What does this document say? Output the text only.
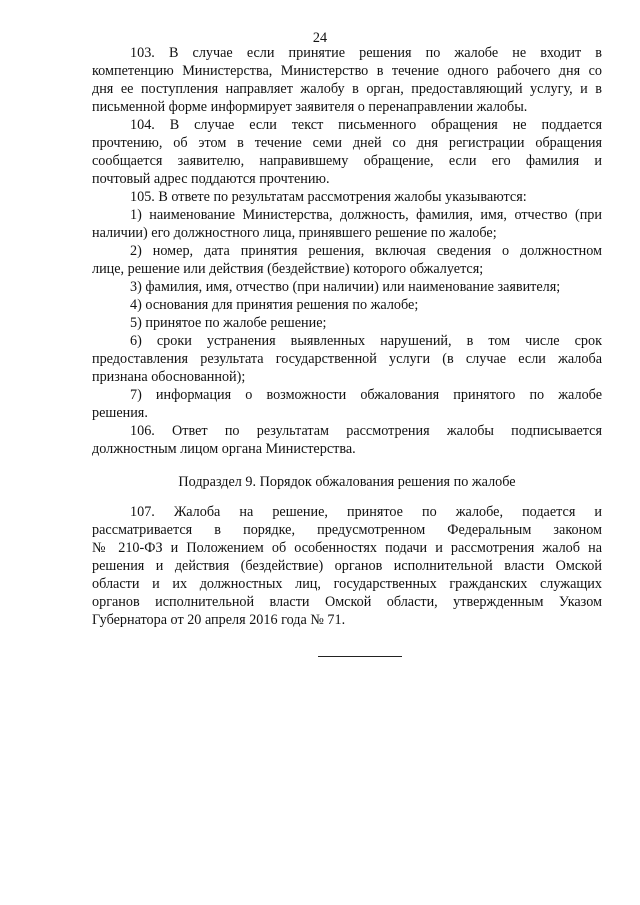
24
103. В случае если принятие решения по жалобе не входит в
компетенцию Министерства, Министерство в течение одного рабочего дня со
дня ее поступления направляет жалобу в орган, предоставляющий услугу, и в
письменной форме информирует заявителя о перенаправлении жалобы.
104. В случае если текст письменного обращения не поддается
прочтению, об этом в течение семи дней со дня регистрации обращения
сообщается заявителю, направившему обращение, если его фамилия и
почтовый адрес поддаются прочтению.
105. В ответе по результатам рассмотрения жалобы указываются:
1) наименование Министерства, должность, фамилия, имя, отчество (при
наличии) его должностного лица, принявшего решение по жалобе;
2) номер, дата принятия решения, включая сведения о должностном
лице, решение или действия (бездействие) которого обжалуется;
3) фамилия, имя, отчество (при наличии) или наименование заявителя;
4) основания для принятия решения по жалобе;
5) принятое по жалобе решение;
6) сроки устранения выявленных нарушений, в том числе срок
предоставления результата государственной услуги (в случае если жалоба
признана обоснованной);
7) информация о возможности обжалования принятого по жалобе
решения.
106. Ответ по результатам рассмотрения жалобы подписывается
должностным лицом органа Министерства.
Подраздел 9. Порядок обжалования решения по жалобе
107. Жалоба на решение, принятое по жалобе, подается и
рассматривается в порядке, предусмотренном Федеральным законом
№ 210-ФЗ и Положением об особенностях подачи и рассмотрения жалоб на
решения и действия (бездействие) органов исполнительной власти Омской
области и их должностных лиц, государственных гражданских служащих
органов исполнительной власти Омской области, утвержденным Указом
Губернатора от 20 апреля 2016 года № 71.
